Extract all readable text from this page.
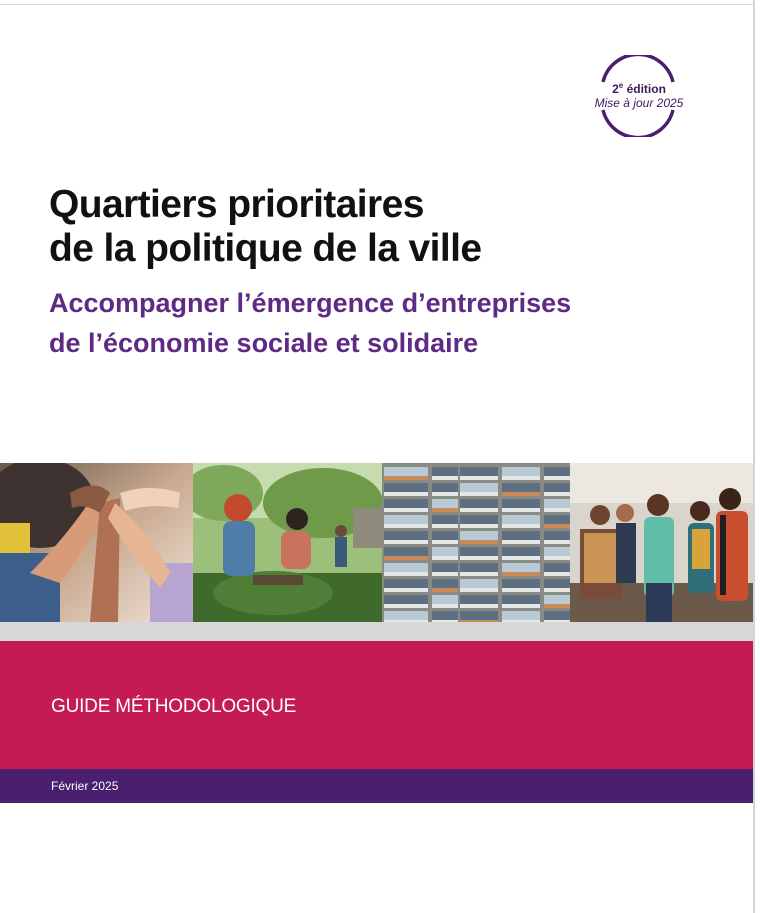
2e édition
Mise à jour 2025
Quartiers prioritaires
de la politique de la ville
Accompagner l’émergence d’entreprises
de l’économie sociale et solidaire
GUIDE MÉTHODOLOGIQUE
Février 2025
